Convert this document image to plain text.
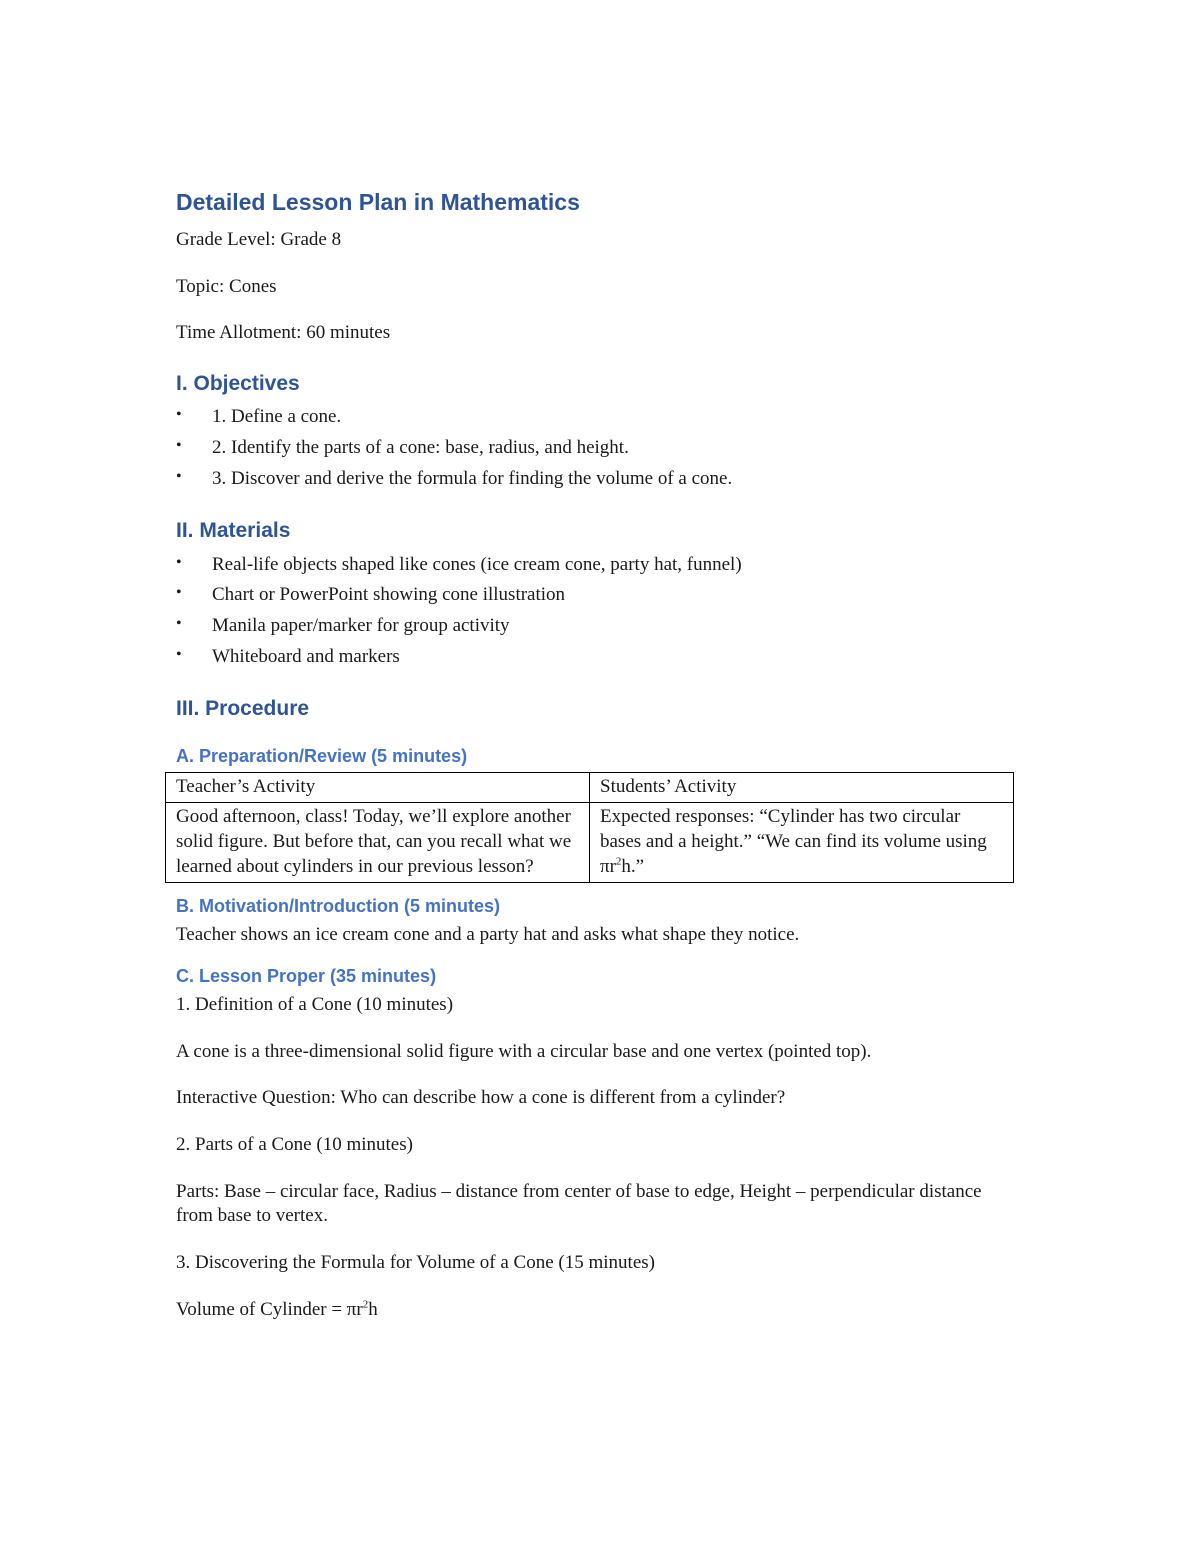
Detailed Lesson Plan in Mathematics

Grade Level: Grade 8

Topic: Cones

Time Allotment: 60 minutes

I. Objectives
•	1. Define a cone.
•	2. Identify the parts of a cone: base, radius, and height.
•	3. Discover and derive the formula for finding the volume of a cone.
II. Materials
•	Real-life objects shaped like cones (ice cream cone, party hat, funnel)
•	Chart or PowerPoint showing cone illustration
•	Manila paper/marker for group activity
•	Whiteboard and markers
III. Procedure
A. Preparation/Review (5 minutes)
Teacher’s Activity	Students’ Activity
Good afternoon, class! Today, we’ll explore another solid figure. But before that, can you recall what we learned about cylinders in our previous lesson?	Expected responses: “Cylinder has two circular bases and a height.” “We can find its volume using $\pi r^2h$.”
B. Motivation/Introduction (5 minutes)

Teacher shows an ice cream cone and a party hat and asks what shape they notice.

C. Lesson Proper (35 minutes)

1. Definition of a Cone (10 minutes)

A cone is a three-dimensional solid figure with a circular base and one vertex (pointed top).

Interactive Question: Who can describe how a cone is different from a cylinder?

2. Parts of a Cone (10 minutes)

Parts: Base – circular face, Radius – distance from center of base to edge, Height – perpendicular distance from base to vertex.

3. Discovering the Formula for Volume of a Cone (15 minutes)

Volume of Cylinder = $\pi r^2h$
